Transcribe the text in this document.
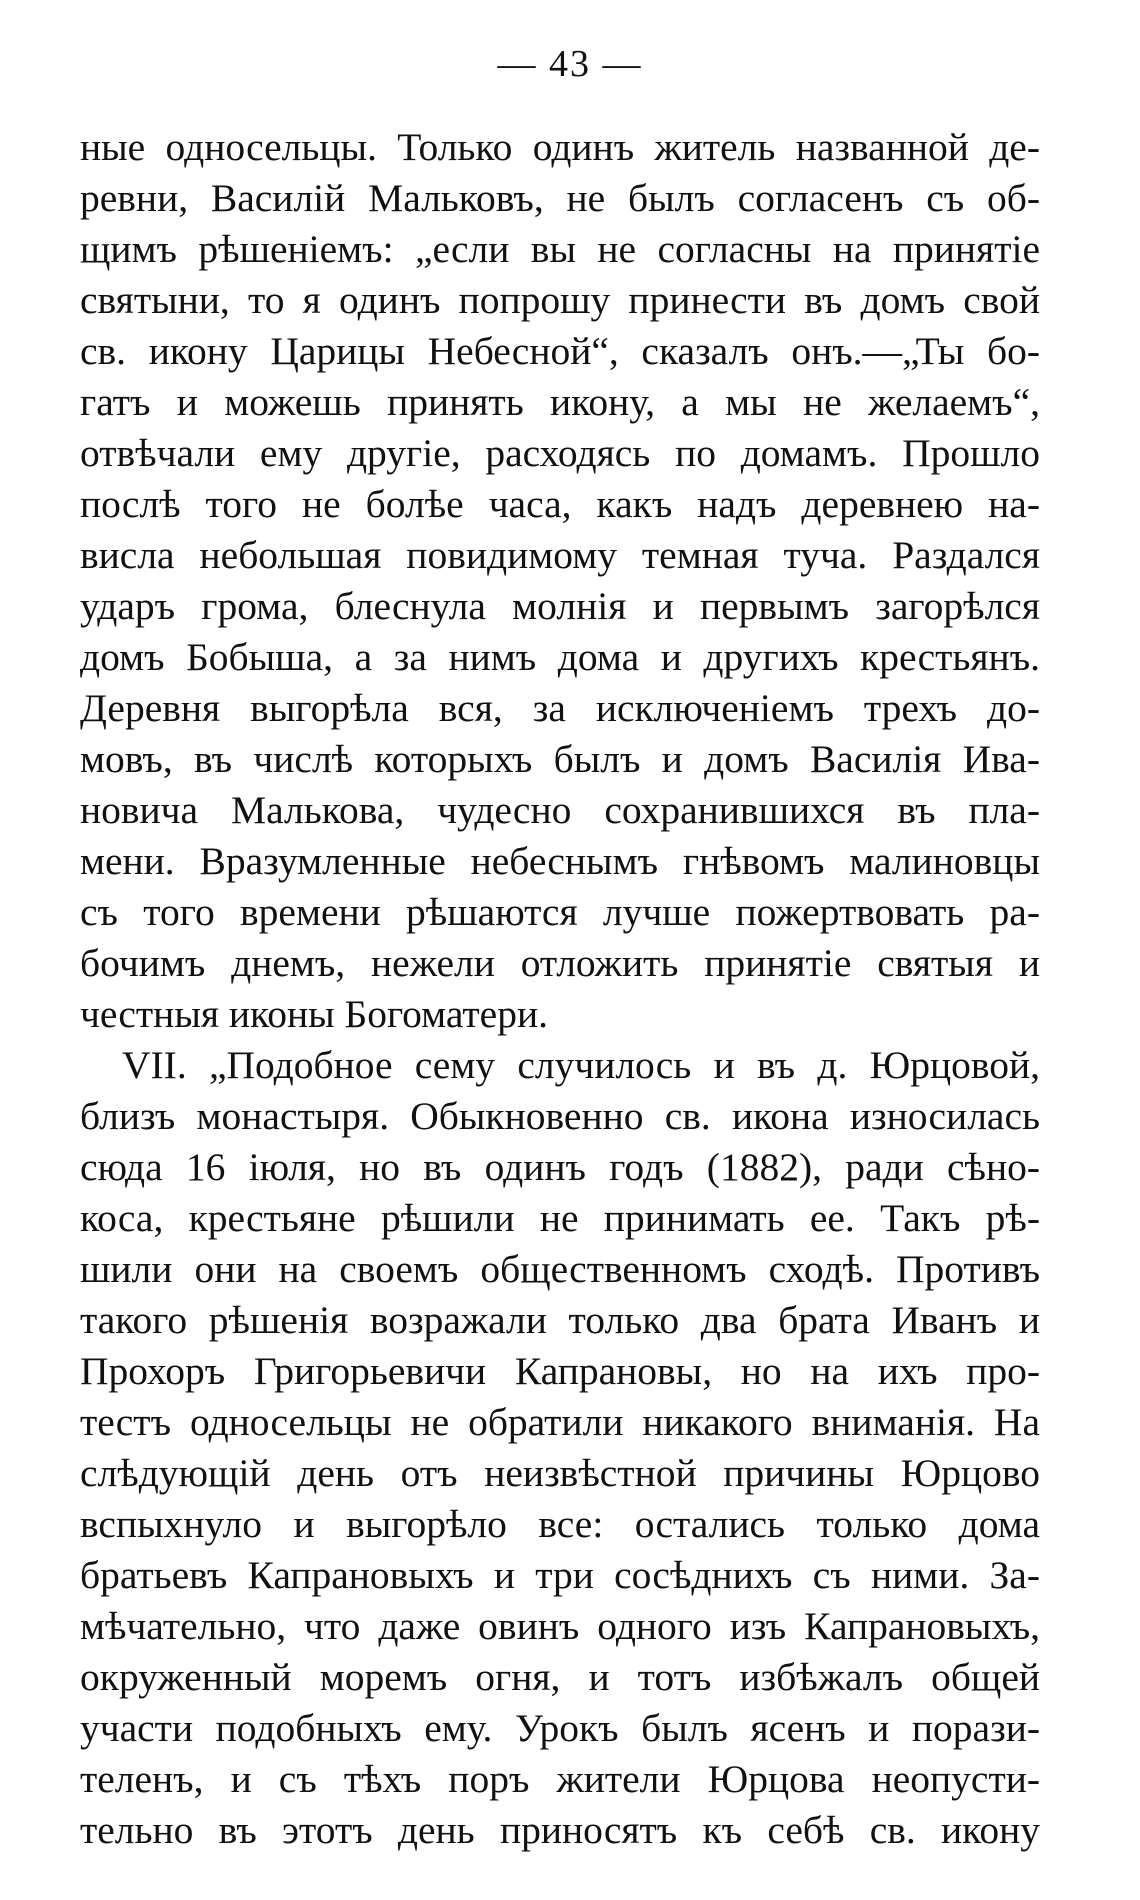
— 43 —
ные односельцы. Только одинъ житель названной де-
ревни, Василій Мальковъ, не былъ согласенъ съ об-
щимъ рѣшеніемъ: „если вы не согласны на принятіе
святыни, то я одинъ попрошу принести въ домъ свой
св. икону Царицы Небесной“, сказалъ онъ.—„Ты бо-
гатъ и можешь принять икону, а мы не желаемъ“,
отвѣчали ему другіе, расходясь по домамъ. Прошло
послѣ того не болѣе часа, какъ надъ деревнею на-
висла небольшая повидимому темная туча. Раздался
ударъ грома, блеснула молнія и первымъ загорѣлся
домъ Бобыша, а за нимъ дома и другихъ крестьянъ.
Деревня выгорѣла вся, за исключеніемъ трехъ до-
мовъ, въ числѣ которыхъ былъ и домъ Василія Ива-
новича Малькова, чудесно сохранившихся въ пла-
мени. Вразумленные небеснымъ гнѣвомъ малиновцы
съ того времени рѣшаются лучше пожертвовать ра-
бочимъ днемъ, нежели отложить принятіе святыя и
честныя иконы Богоматери.
VII. „Подобное сему случилось и въ д. Юрцовой,
близъ монастыря. Обыкновенно св. икона износилась
сюда 16 іюля, но въ одинъ годъ (1882), ради сѣно-
коса, крестьяне рѣшили не принимать ее. Такъ рѣ-
шили они на своемъ общественномъ сходѣ. Противъ
такого рѣшенія возражали только два брата Иванъ и
Прохоръ Григорьевичи Капрановы, но на ихъ про-
тестъ односельцы не обратили никакого вниманія. На
слѣдующій день отъ неизвѣстной причины Юрцово
вспыхнуло и выгорѣло все: остались только дома
братьевъ Капрановыхъ и три сосѣднихъ съ ними. За-
мѣчательно, что даже овинъ одного изъ Капрановыхъ,
окруженный моремъ огня, и тотъ избѣжалъ общей
участи подобныхъ ему. Урокъ былъ ясенъ и порази-
теленъ, и съ тѣхъ поръ жители Юрцова неопусти-
тельно въ этотъ день приносятъ къ себѣ св. икону
